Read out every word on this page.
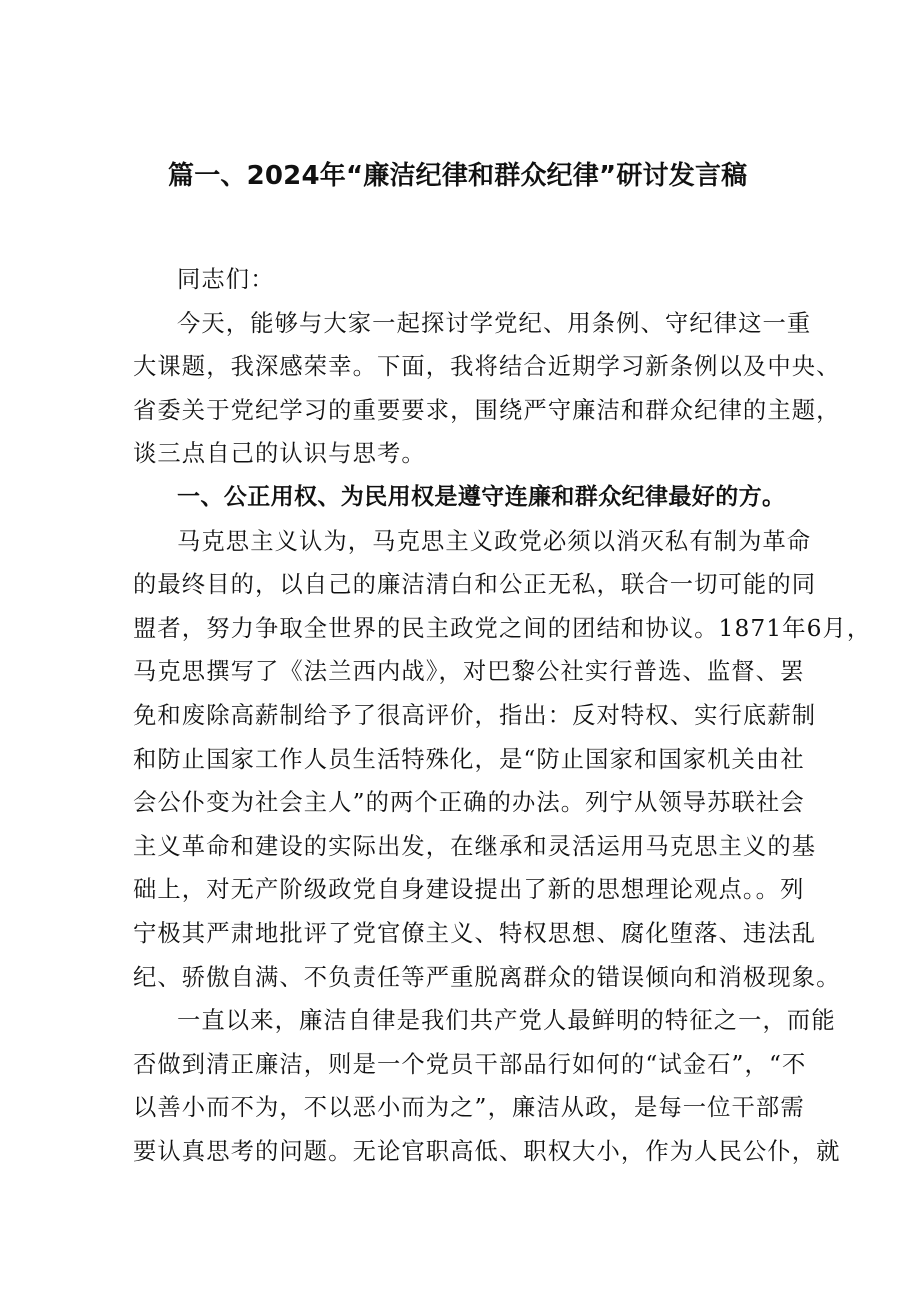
篇一、2024年“廉洁纪律和群众纪律”研讨发言稿
同志们：
今天，能够与大家一起探讨学党纪、用条例、守纪律这一重
大课题，我深感荣幸。下面，我将结合近期学习新条例以及中央、
省委关于党纪学习的重要要求，围绕严守廉洁和群众纪律的主题，
谈三点自己的认识与思考。
一、公正用权、为民用权是遵守连廉和群众纪律最好的方。
马克思主义认为，马克思主义政党必须以消灭私有制为革命
的最终目的，以自己的廉洁清白和公正无私，联合一切可能的同
盟者，努力争取全世界的民主政党之间的团结和协议。1871年6月，
马克思撰写了《法兰西内战》，对巴黎公社实行普选、监督、罢
免和废除高薪制给予了很高评价，指出：反对特权、实行底薪制
和防止国家工作人员生活特殊化，是“防止国家和国家机关由社
会公仆变为社会主人”的两个正确的办法。列宁从领导苏联社会
主义革命和建设的实际出发，在继承和灵活运用马克思主义的基
础上，对无产阶级政党自身建设提出了新的思想理论观点。。列
宁极其严肃地批评了党官僚主义、特权思想、腐化堕落、违法乱
纪、骄傲自满、不负责任等严重脱离群众的错误倾向和消极现象。
一直以来，廉洁自律是我们共产党人最鲜明的特征之一，而能
否做到清正廉洁，则是一个党员干部品行如何的“试金石”，“不
以善小而不为，不以恶小而为之”，廉洁从政，是每一位干部需
要认真思考的问题。无论官职高低、职权大小，作为人民公仆，就
